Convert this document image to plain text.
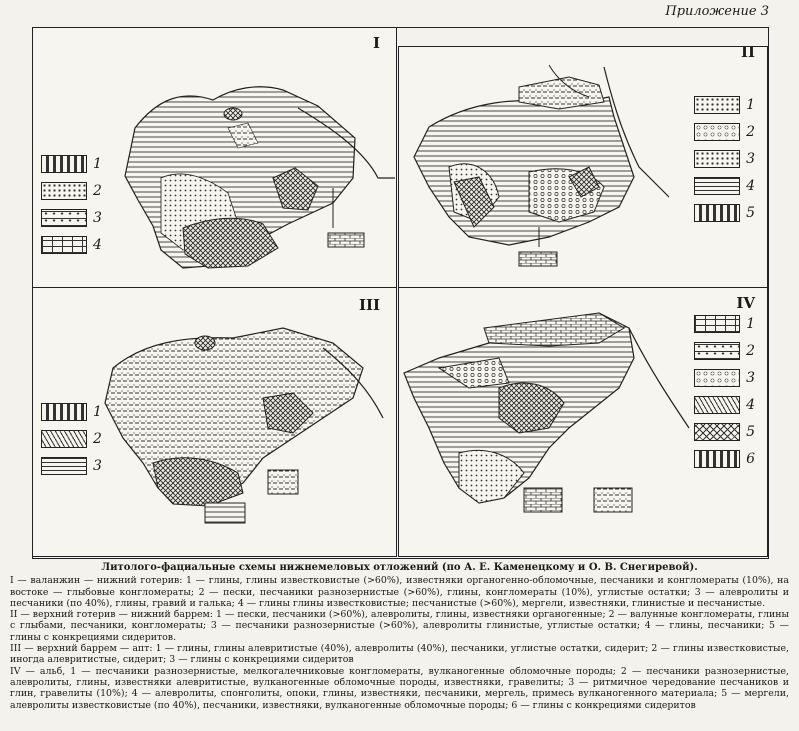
Приложение 3
I
1
2
3
4
II
1
2
3
4
5
III
1
2
3
IV
1
2
3
4
5
6
Литолого-фациальные схемы нижнемеловых отложений (по А. Е. Каменецкому и О. В. Снегиревой).

I — валанжин — нижний готерив: 1 — глины, глины известковистые (>60%), известняки органогенно-обломочные, песчаники и конгломераты (10%), на востоке — глыбовые конгломераты; 2 — пески, песчаники разнозернистые (>60%), глины, конгломераты (10%), углистые остатки; 3 — алевролиты и песчаники (по 40%), глины, гравий и галька; 4 — глины глины известковистые; песчанистые (>60%), мергели, известняки, глинистые и песчанистые.

II — верхний готерив — нижний баррем: 1 — пески, песчаники (>60%), алевролиты, глины, известняки органогенные; 2 — валунные конгломераты, глины с глыбами, песчаники, конгломераты; 3 — песчаники разнозернистые (>60%), алевролиты глинистые, углистые остатки; 4 — глины, песчаники; 5 — глины с конкрециями сидеритов.

III — верхний баррем — апт: 1 — глины, глины алевритистые (40%), алевролиты (40%), песчаники, углистые остатки, сидерит; 2 — глины известковистые, иногда алевритистые, сидерит; 3 — глины с конкрециями сидеритов

IV — альб, 1 — песчаники разнозернистые, мелкогалечниковые конгломераты, вулканогенные обломочные породы; 2 — песчаники разнозернистые, алевролиты, глины, известняки алевритистые, вулканогенные обломочные породы, известняки, гравелиты; 3 — ритмичное чередование песчаников и глин, гравелиты (10%); 4 — алевролиты, спонголиты, опоки, глины, известняки, песчаники, мергель, примесь вулканогенного материала; 5 — мергели, алевролиты известковистые (по 40%), песчаники, известняки, вулканогенные обломочные породы; 6 — глины с конкрециями сидеритов
